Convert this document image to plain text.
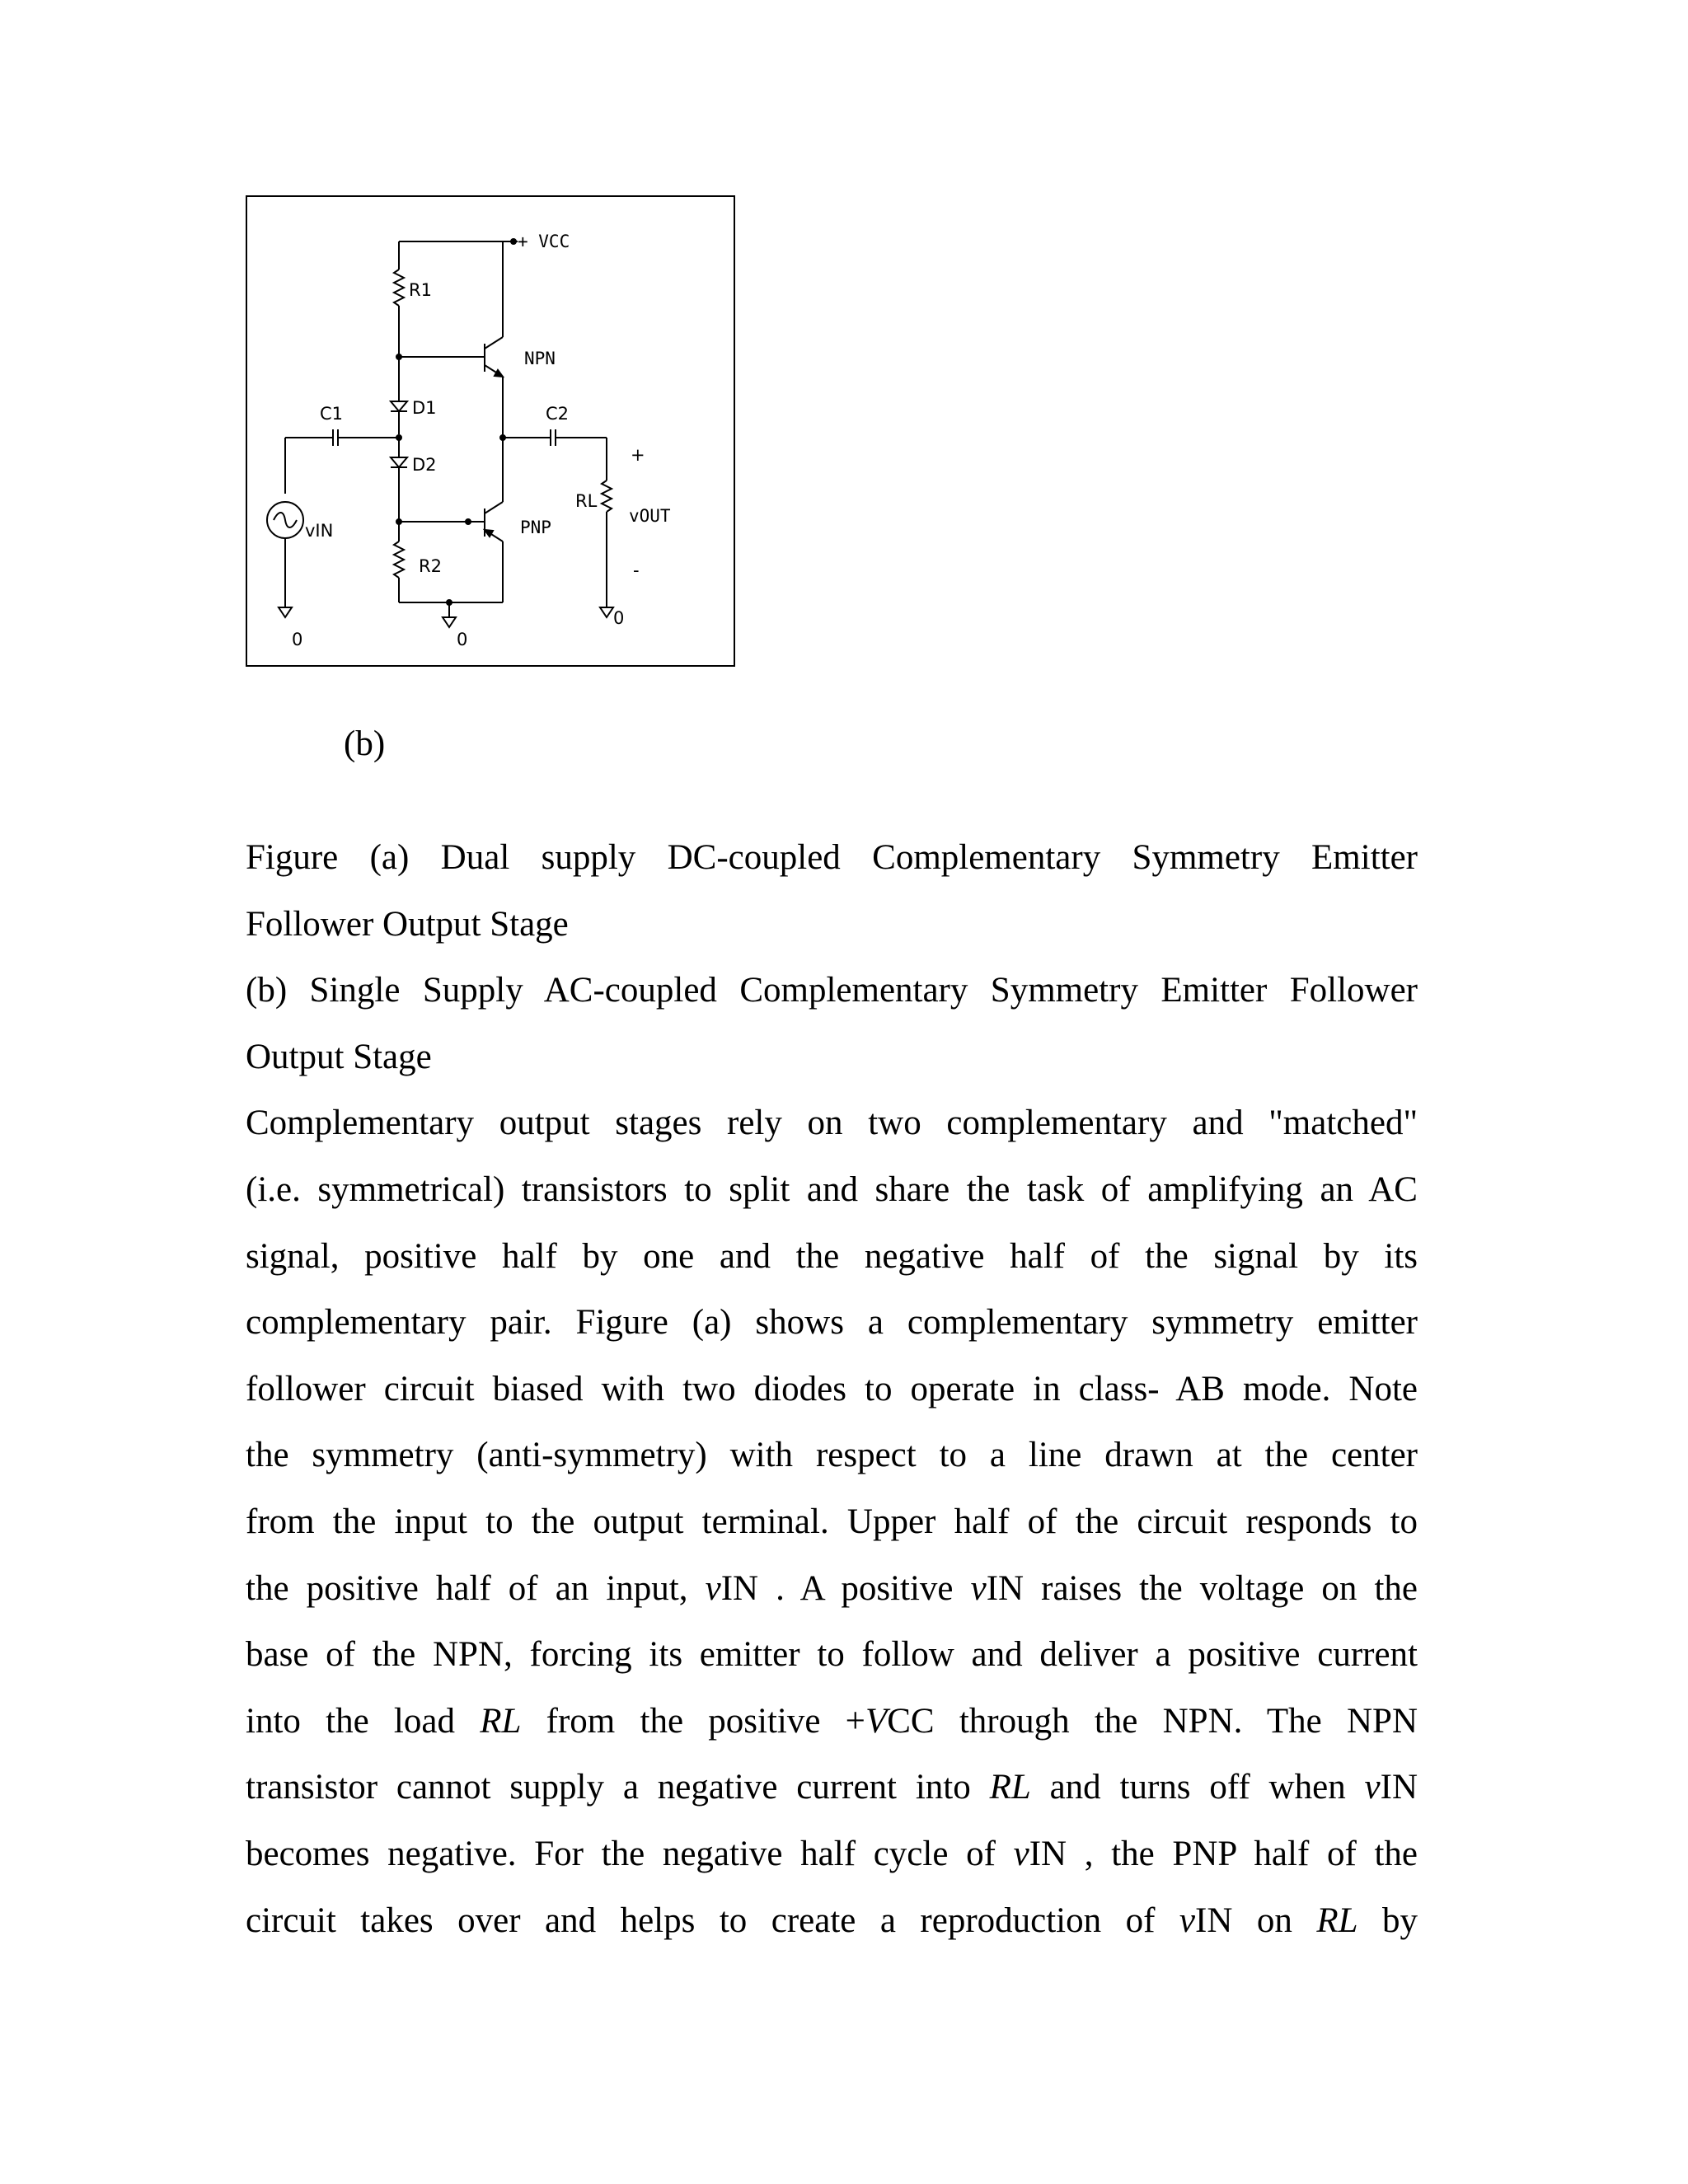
+ VCC
R1
NPN
C1	D1	C2
+
D2
RL
vOUT
vIN	PNP
R2	-
0	0
0
(b)
Figure (a) Dual supply DC-coupled Complementary Symmetry Emitter
Follower Output Stage
(b) Single Supply AC-coupled Complementary Symmetry Emitter Follower
Output Stage
Complementary output stages rely on two complementary and "matched"
(i.e. symmetrical) transistors to split and share the task of amplifying an AC
signal, positive half by one and the negative half of the signal by its
complementary pair. Figure (a) shows a complementary symmetry emitter
follower circuit biased with two diodes to operate in class- AB mode. Note
the symmetry (anti-symmetry) with respect to a line drawn at the center
from the input to the output terminal. Upper half of the circuit responds to
the positive half of an input, vIN . A positive vIN raises the voltage on the
base of the NPN, forcing its emitter to follow and deliver a positive current
into the load RL from the positive +VCC through the NPN. The NPN
transistor cannot supply a negative current into RL and turns off when vIN
becomes negative. For the negative half cycle of vIN , the PNP half of the
circuit takes over and helps to create a reproduction of vIN on RL by
